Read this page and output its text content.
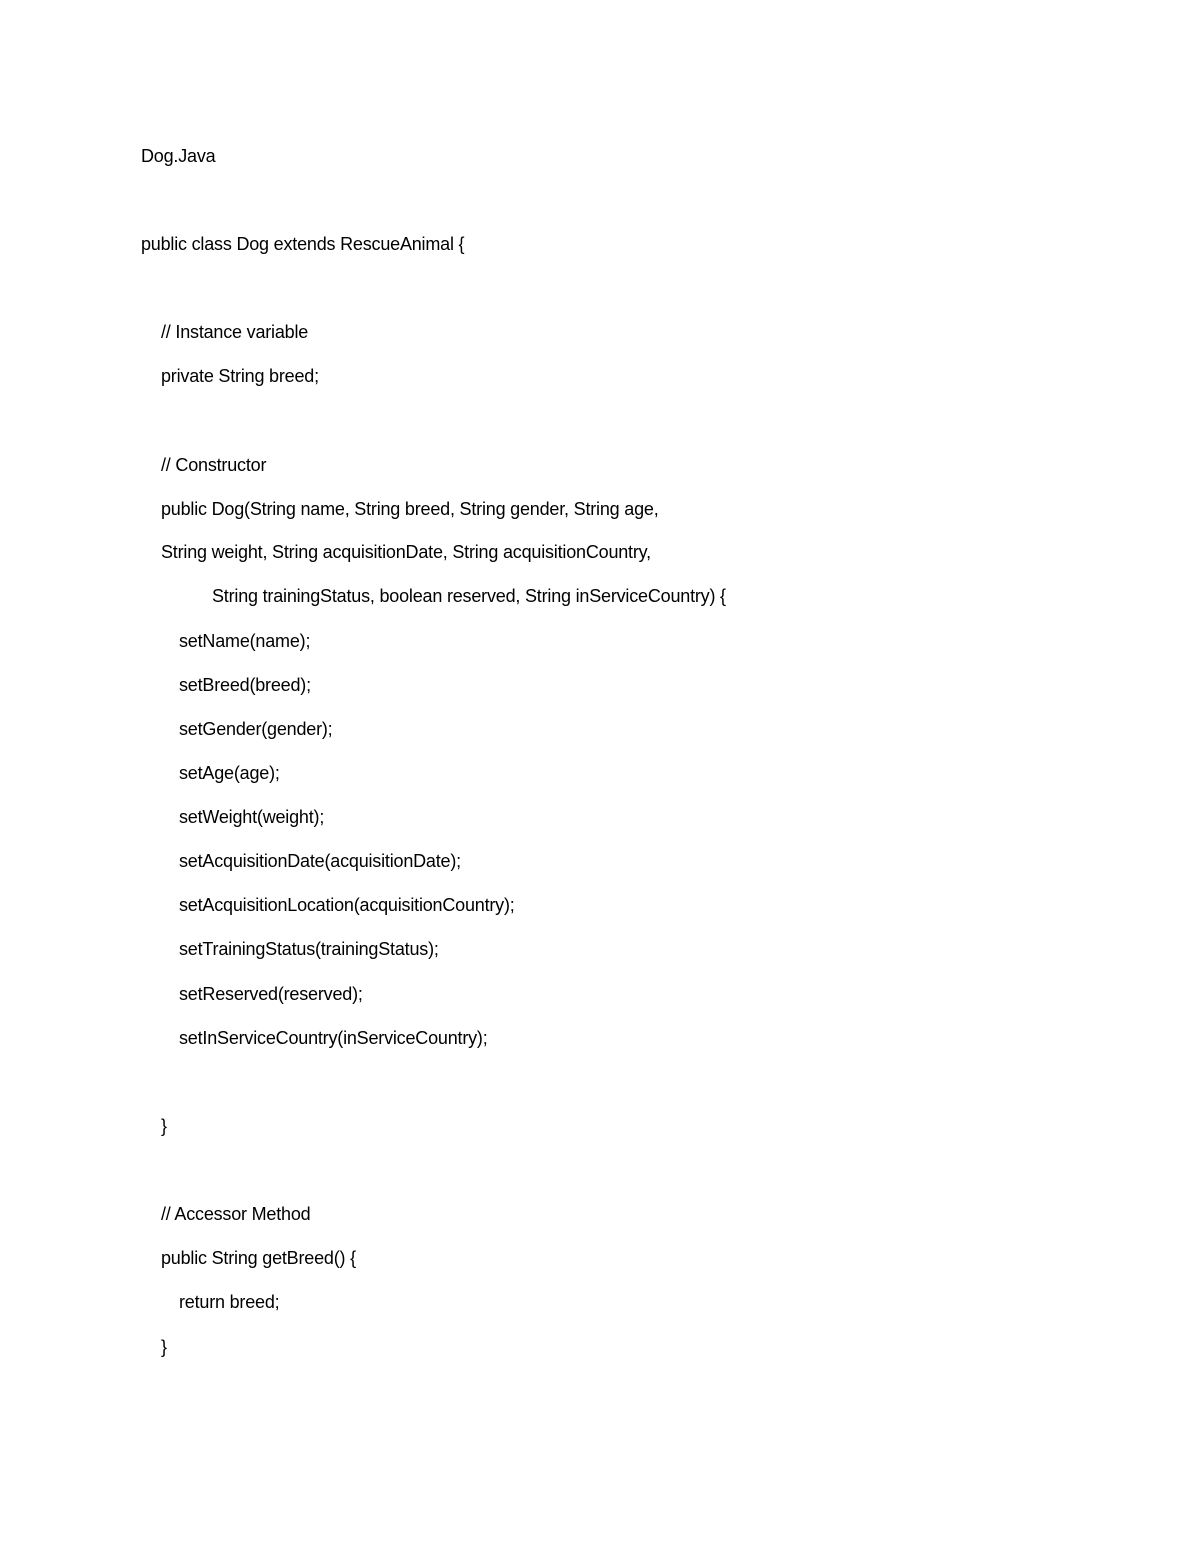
Dog.Java
public class Dog extends RescueAnimal {
// Instance variable
private String breed;
// Constructor
public Dog(String name, String breed, String gender, String age,
String weight, String acquisitionDate, String acquisitionCountry,
String trainingStatus, boolean reserved, String inServiceCountry) {
setName(name);
setBreed(breed);
setGender(gender);
setAge(age);
setWeight(weight);
setAcquisitionDate(acquisitionDate);
setAcquisitionLocation(acquisitionCountry);
setTrainingStatus(trainingStatus);
setReserved(reserved);
setInServiceCountry(inServiceCountry);
}
// Accessor Method
public String getBreed() {
return breed;
}
